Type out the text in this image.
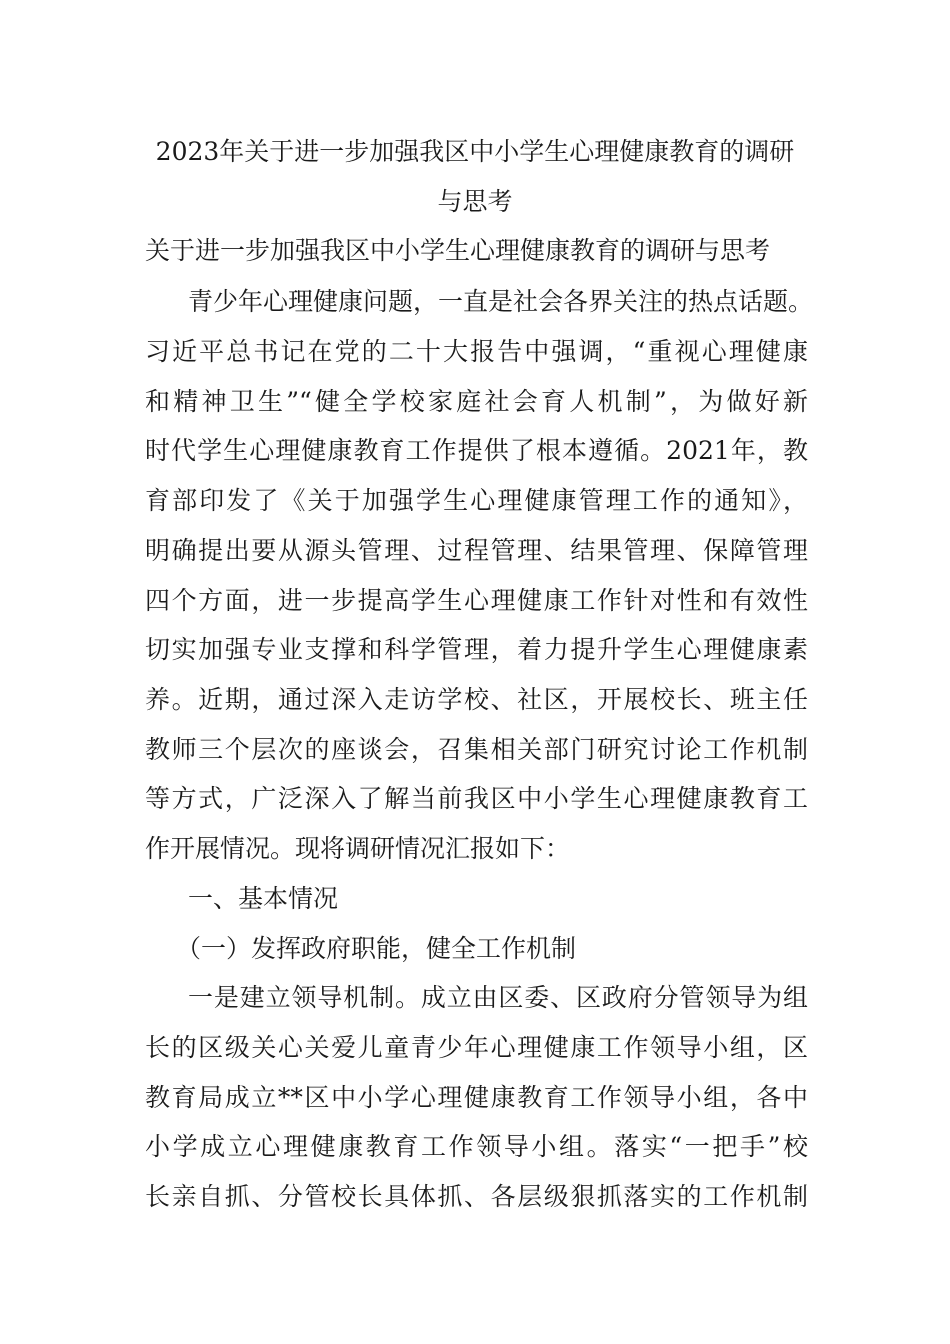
2023年关于进一步加强我区中小学生心理健康教育的调研
与思考
关于进一步加强我区中小学生心理健康教育的调研与思考
青少年心理健康问题，一直是社会各界关注的热点话题。
习近平总书记在党的二十大报告中强调，“重视心理健康
和精神卫生”“健全学校家庭社会育人机制”，为做好新
时代学生心理健康教育工作提供了根本遵循。2021年，教
育部印发了《关于加强学生心理健康管理工作的通知》，
明确提出要从源头管理、过程管理、结果管理、保障管理
四个方面，进一步提高学生心理健康工作针对性和有效性
切实加强专业支撑和科学管理，着力提升学生心理健康素
养。近期，通过深入走访学校、社区，开展校长、班主任
教师三个层次的座谈会，召集相关部门研究讨论工作机制
等方式，广泛深入了解当前我区中小学生心理健康教育工
作开展情况。现将调研情况汇报如下：
一、基本情况
（一）发挥政府职能，健全工作机制
一是建立领导机制。成立由区委、区政府分管领导为组
长的区级关心关爱儿童青少年心理健康工作领导小组，区
教育局成立**区中小学心理健康教育工作领导小组，各中
小学成立心理健康教育工作领导小组。落实“一把手”校
长亲自抓、分管校长具体抓、各层级狠抓落实的工作机制
